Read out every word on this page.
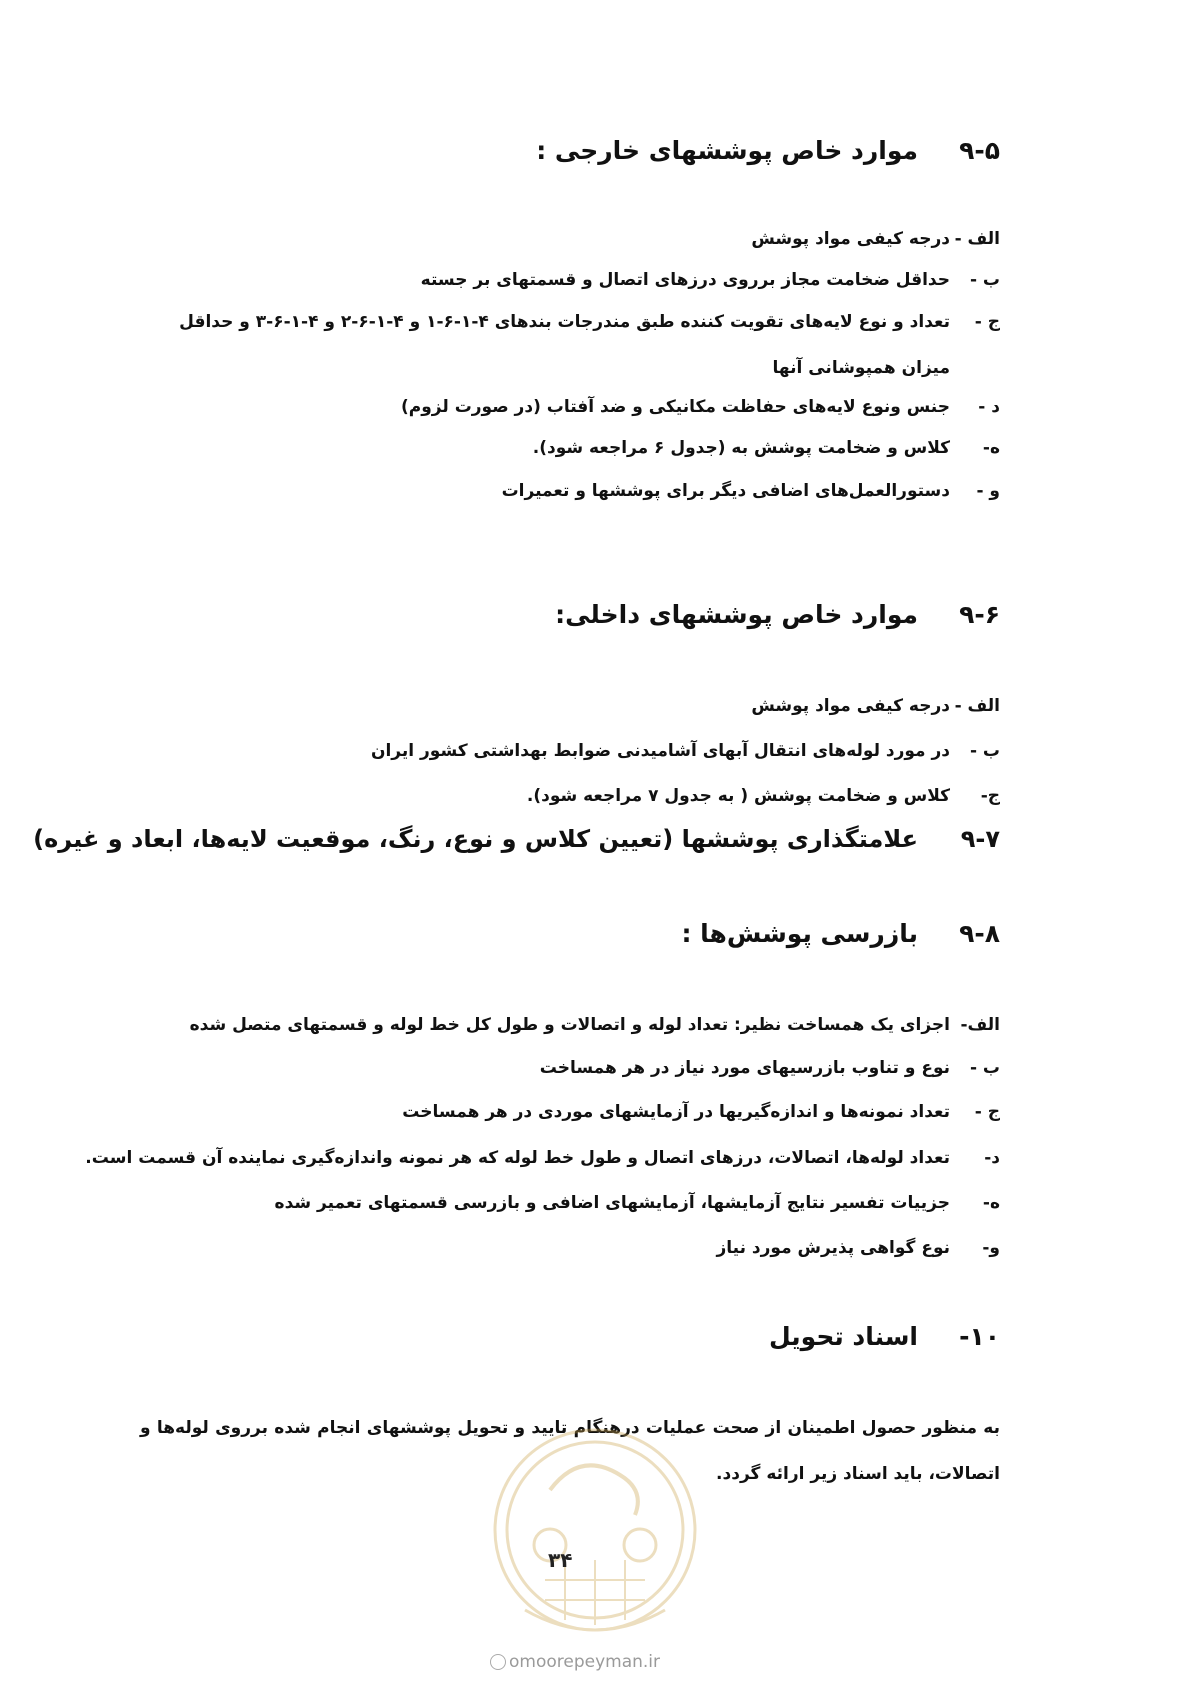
۹-۵
موارد خاص پوششهای خارجی :
الف -
درجه کیفی مواد پوشش
ب -
حداقل ضخامت مجاز برروی درزهای اتصال و قسمتهای بر جسته
ج -
تعداد و نوع لایه‌های تقویت کننده طبق مندرجات بندهای ۴-۱-۶-۱ و ۴-۱-۶-۲ و ۴-۱-۶-۳ و حداقل میزان همپوشانی آنها
د -
جنس ونوع لایه‌های حفاظت مکانیکی و ضد آفتاب (در صورت لزوم)
ه-
کلاس و ضخامت پوشش به (جدول ۶ مراجعه شود).
و -
دستورالعمل‌های اضافی دیگر برای پوششها و تعمیرات
۹-۶
موارد خاص پوششهای داخلی:
الف -
درجه کیفی مواد پوشش
ب -
در مورد لوله‌های انتقال آبهای آشامیدنی ضوابط بهداشتی کشور ایران
ج-
کلاس و ضخامت پوشش ( به جدول ۷ مراجعه شود).
۹-۷
علامتگذاری پوششها (تعیین کلاس و نوع، رنگ، موقعیت لایه‌ها، ابعاد و غیره)
۹-۸
بازرسی پوشش‌ها :
الف-
اجزای یک همساخت نظیر: تعداد لوله و اتصالات و طول کل خط لوله و قسمتهای متصل شده
ب -
نوع و تناوب بازرسیهای مورد نیاز در هر همساخت
ج -
تعداد نمونه‌ها و اندازه‌گیریها در آزمایشهای موردی در هر همساخت
د-
تعداد لوله‌ها، اتصالات، درزهای اتصال و طول خط لوله که هر نمونه واندازه‌گیری نماینده آن قسمت است.
ه-
جزییات تفسیر نتایج آزمایشها، آزمایشهای اضافی و بازرسی قسمتهای تعمیر شده
و-
نوع گواهی پذیرش مورد نیاز
۱۰-
اسناد تحویل
به منظور حصول اطمینان از صحت عملیات درهنگام تایید و تحویل پوششهای انجام شده برروی لوله‌ها و اتصالات، باید اسناد زیر ارائه گردد.
۳۴
omoorepeyman.ir
